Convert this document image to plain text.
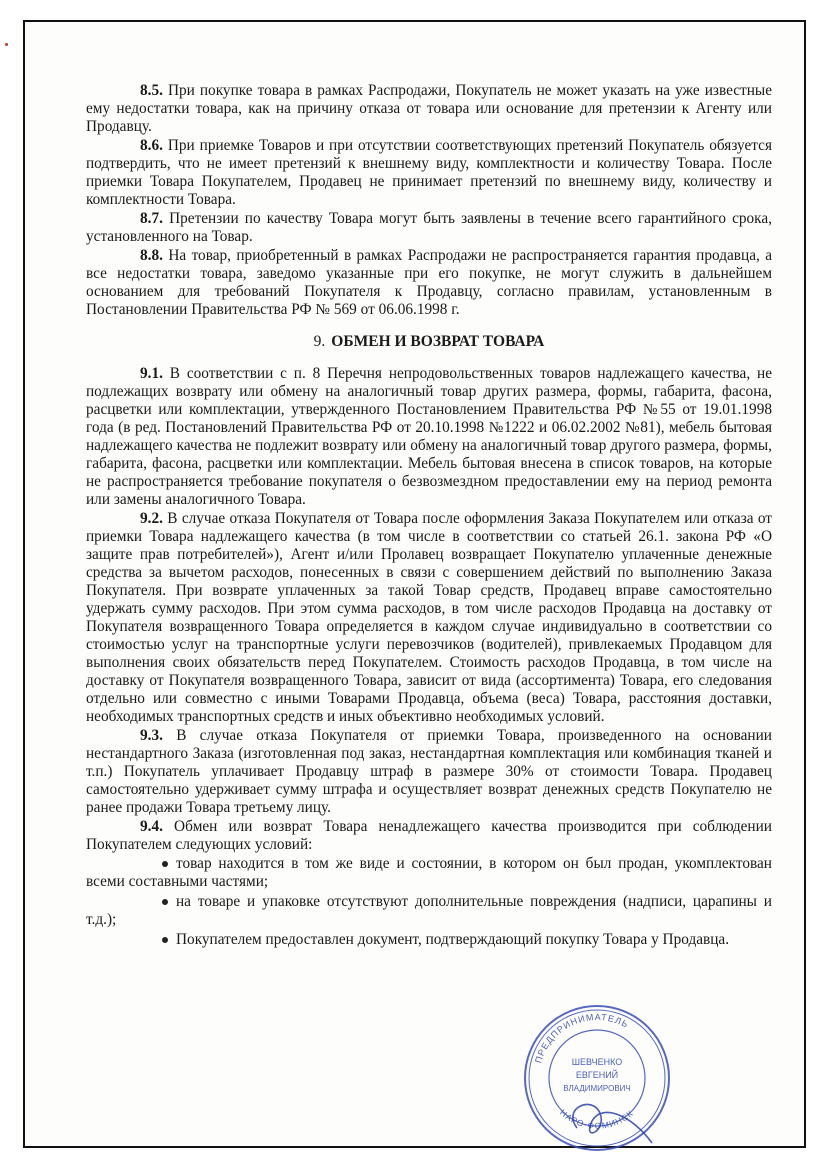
8.5. При покупке товара в рамках Распродажи, Покупатель не может указать на уже известные ему недостатки товара, как на причину отказа от товара или основание для претензии к Агенту или Продавцу.

8.6. При приемке Товаров и при отсутствии соответствующих претензий Покупатель обязуется подтвердить, что не имеет претензий к внешнему виду, комплектности и количеству Товара. После приемки Товара Покупателем, Продавец не принимает претензий по внешнему виду, количеству и комплектности Товара.

8.7. Претензии по качеству Товара могут быть заявлены в течение всего гарантийного срока, установленного на Товар.

8.8. На товар, приобретенный в рамках Распродажи не распространяется гарантия продавца, а все недостатки товара, заведомо указанные при его покупке, не могут служить в дальнейшем основанием для требований Покупателя к Продавцу, согласно правилам, установленным в Постановлении Правительства РФ № 569 от 06.06.1998 г.

9. ОБМЕН И ВОЗВРАТ ТОВАРА

9.1. В соответствии с п. 8 Перечня непродовольственных товаров надлежащего качества, не подлежащих возврату или обмену на аналогичный товар других размера, формы, габарита, фасона, расцветки или комплектации, утвержденного Постановлением Правительства РФ №55 от 19.01.1998 года (в ред. Постановлений Правительства РФ от 20.10.1998 №1222 и 06.02.2002 №81), мебель бытовая надлежащего качества не подлежит возврату или обмену на аналогичный товар другого размера, формы, габарита, фасона, расцветки или комплектации. Мебель бытовая внесена в список товаров, на которые не распространяется требование покупателя о безвозмездном предоставлении ему на период ремонта или замены аналогичного Товара.

9.2. В случае отказа Покупателя от Товара после оформления Заказа Покупателем или отказа от приемки Товара надлежащего качества (в том числе в соответствии со статьей 26.1. закона РФ «О защите прав потребителей»), Агент и/или Пролавец возвращает Покупателю уплаченные денежные средства за вычетом расходов, понесенных в связи с совершением действий по выполнению Заказа Покупателя. При возврате уплаченных за такой Товар средств, Продавец вправе самостоятельно удержать сумму расходов. При этом сумма расходов, в том числе расходов Продавца на доставку от Покупателя возвращенного Товара определяется в каждом случае индивидуально в соответствии со стоимостью услуг на транспортные услуги перевозчиков (водителей), привлекаемых Продавцом для выполнения своих обязательств перед Покупателем. Стоимость расходов Продавца, в том числе на доставку от Покупателя возвращенного Товара, зависит от вида (ассортимента) Товара, его следования отдельно или совместно с иными Товарами Продавца, объема (веса) Товара, расстояния доставки, необходимых транспортных средств и иных объективно необходимых условий.

9.3. В случае отказа Покупателя от приемки Товара, произведенного на основании нестандартного Заказа (изготовленная под заказ, нестандартная комплектация или комбинация тканей и т.п.) Покупатель уплачивает Продавцу штраф в размере 30% от стоимости Товара. Продавец самостоятельно удерживает сумму штрафа и осуществляет возврат денежных средств Покупателю не ранее продажи Товара третьему лицу.

9.4. Обмен или возврат Товара ненадлежащего качества производится при соблюдении Покупателем следующих условий:

товар находится в том же виде и состоянии, в котором он был продан, укомплектован всеми составными частями;

на товаре и упаковке отсутствуют дополнительные повреждения (надписи, царапины и т.д.);

Покупателем предоставлен документ, подтверждающий покупку Товара у Продавца.

ПРЕДПРИНИМАТЕЛЬ
НАРО-ФОМИНСК
ШЕВЧЕНКО
ЕВГЕНИЙ
ВЛАДИМИРОВИЧ
